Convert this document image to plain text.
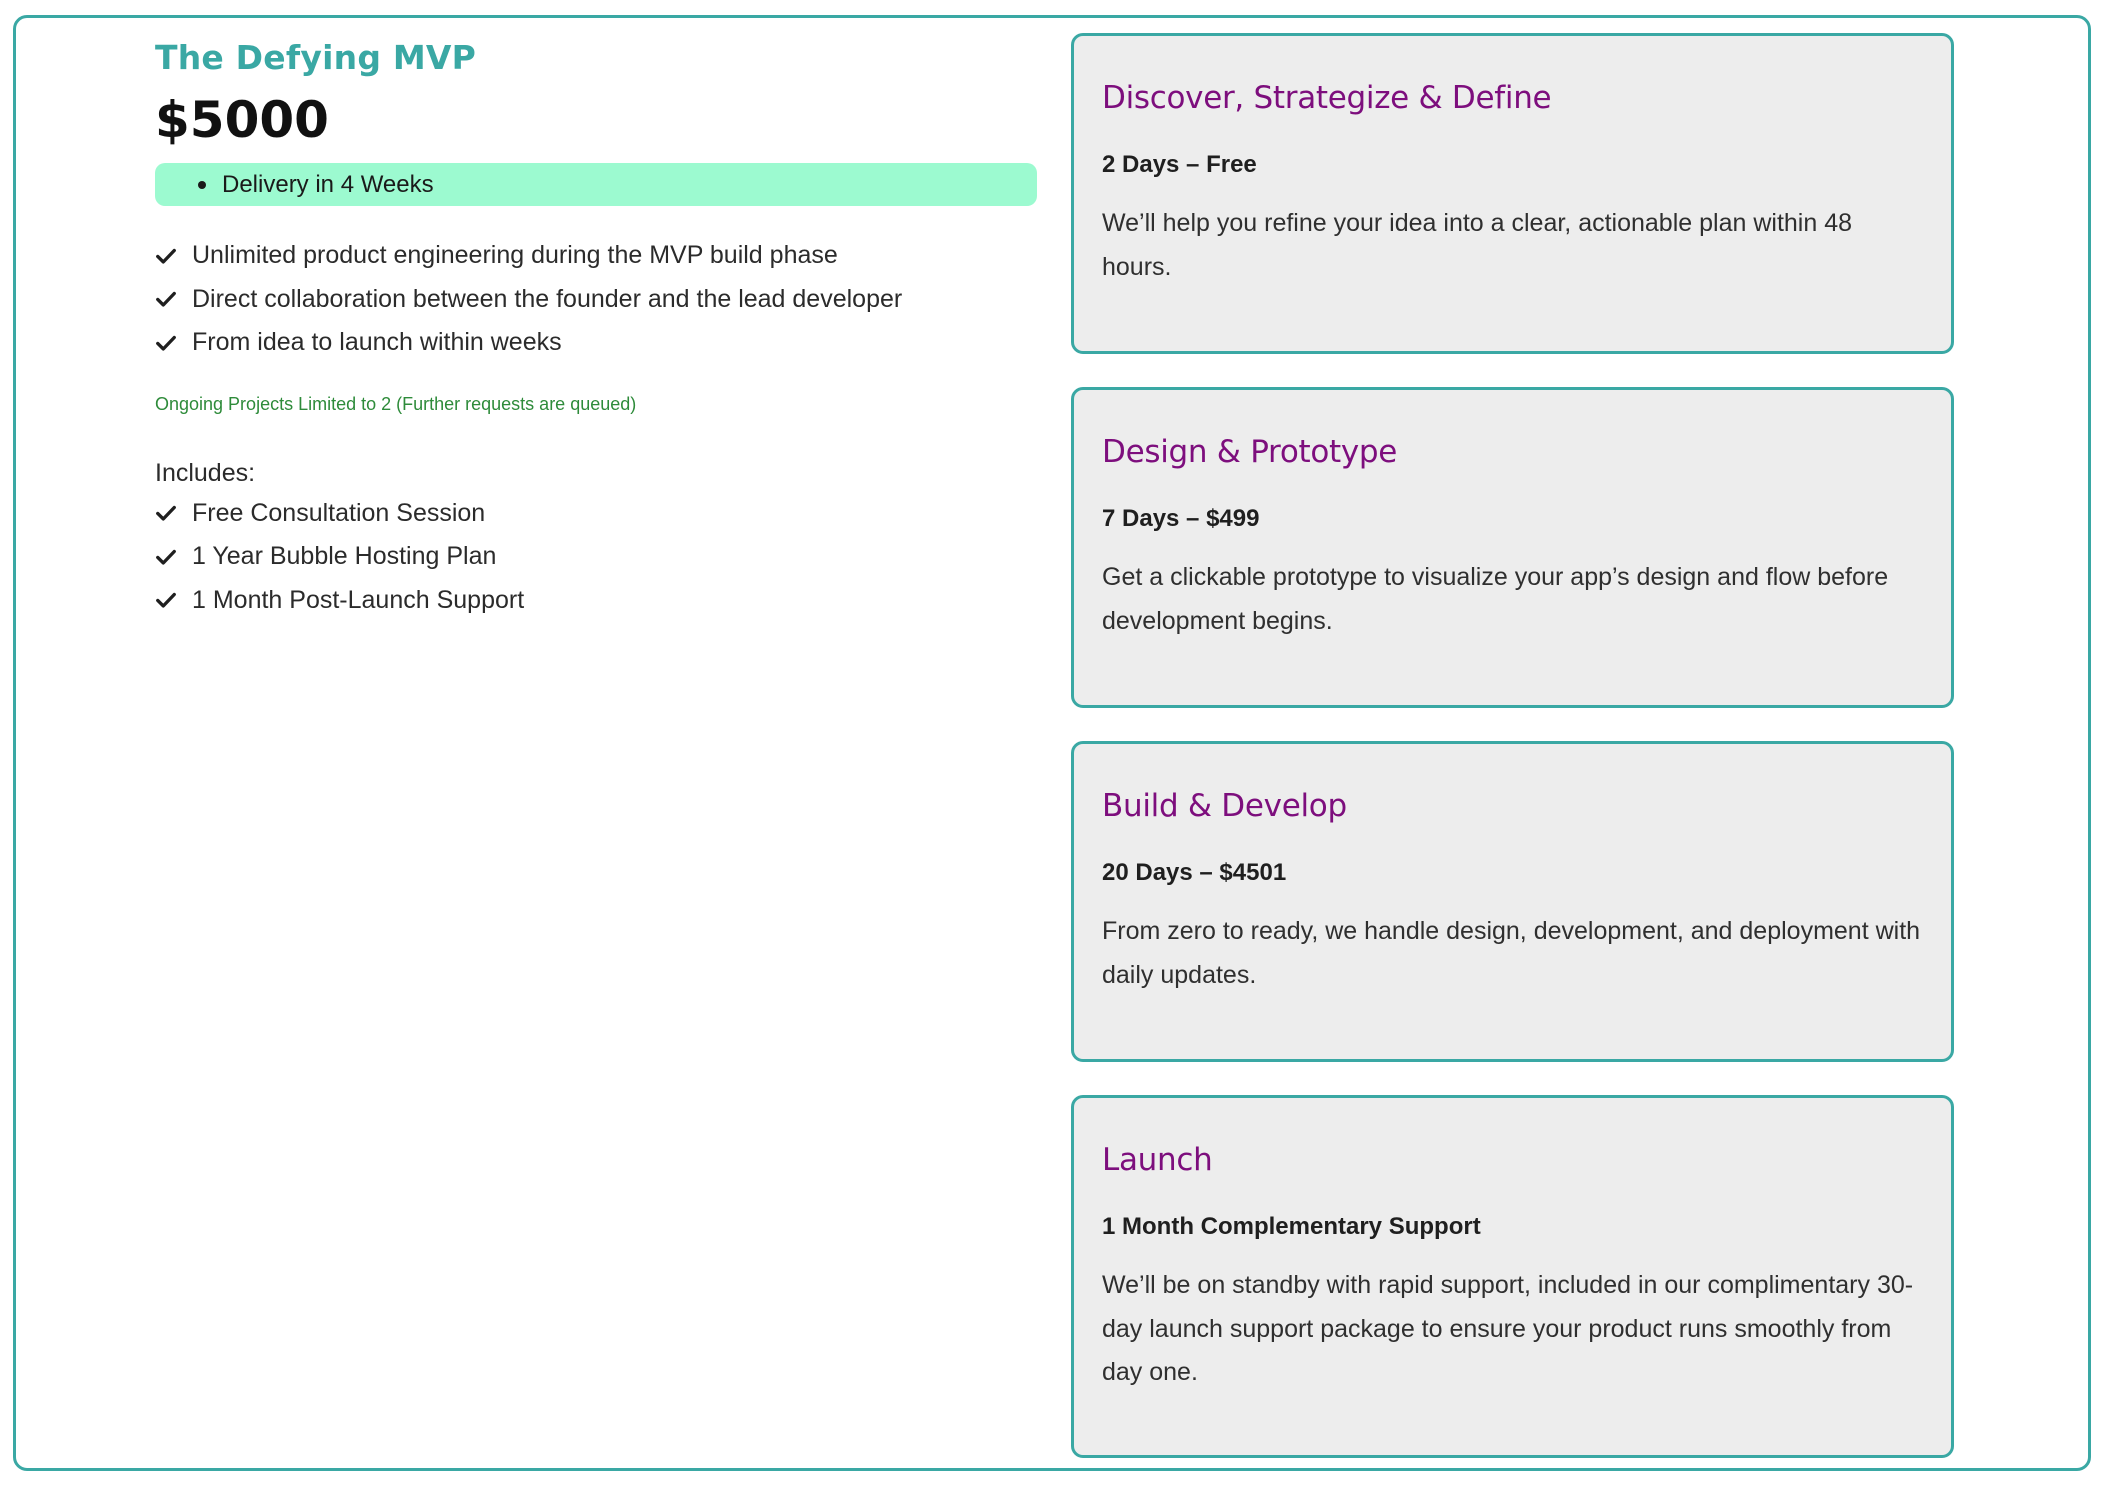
The Defying MVP
$5000
Delivery in 4 Weeks
Unlimited product engineering during the MVP build phase
Direct collaboration between the founder and the lead developer
From idea to launch within weeks
Ongoing Projects Limited to 2 (Further requests are queued)
Includes:
Free Consultation Session
1 Year Bubble Hosting Plan
1 Month Post-Launch Support
Discover, Strategize & Define
2 Days – Free
We’ll help you refine your idea into a clear, actionable plan within 48 hours.
Design & Prototype
7 Days – $499
Get a clickable prototype to visualize your app’s design and flow before development begins.
Build & Develop
20 Days – $4501
From zero to ready, we handle design, development, and deployment with daily updates.
Launch
1 Month Complementary Support
We’ll be on standby with rapid support, included in our complimentary 30-day launch support package to ensure your product runs smoothly from day one.
